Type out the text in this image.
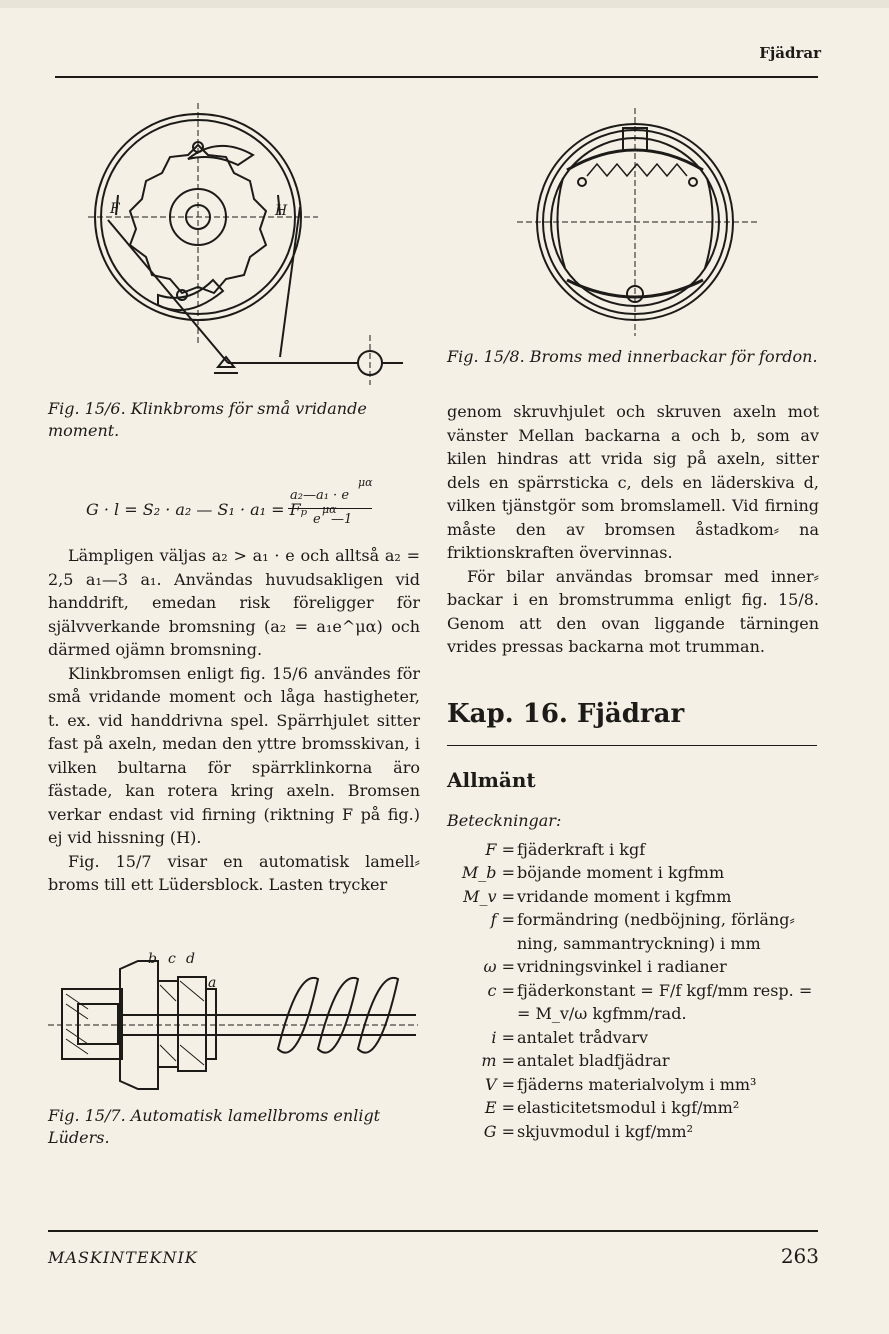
Fjädrar
F	H

Fig. 15/6. Klinkbroms för små vridande moment.

G · l = S₂ · a₂ — S₁ · a₁ = Fₚ
a₂—a₁ · e
μα
e
μα
—1

Lämpligen väljas a₂ > a₁ · e och alltså a₂ = 2,5 a₁—3 a₁. Användas huvudsakligen vid handdrift, emedan risk föreligger för självverkande bromsning (a₂ = a₁e^μα) och därmed ojämn bromsning.

Klinkbromsen enligt fig. 15/6 användes för små vridande moment och låga hastigheter, t. ex. vid handdrivna spel. Spärrhjulet sitter fast på axeln, medan den yttre bromsskivan, i vilken bultarna för spärrklinkorna äro fästade, kan rotera kring axeln. Bromsen verkar endast vid firning (riktning F på fig.) ej vid hissning (H).

Fig. 15/7 visar en automatisk lamell⸗ broms till ett Lüdersblock. Lasten trycker

b c d
a

Fig. 15/7. Automatisk lamellbroms enligt Lüders.

Fig. 15/8. Broms med innerbackar för fordon.

genom skruvhjulet och skruven axeln mot vänster Mellan backarna a och b, som av kilen hindras att vrida sig på axeln, sitter dels en spärrsticka c, dels en läderskiva d, vilken tjänstgör som bromslamell. Vid firning måste den av bromsen åstadkom⸗ na friktionskraften övervinnas.

För bilar användas bromsar med inner⸗ backar i en bromstrumma enligt fig. 15/8. Genom att den ovan liggande tärningen vrides pressas backarna mot trumman.

Kap. 16. Fjädrar
Allmänt

Beteckningar:

F = fjäderkraft i kgf
M_b = böjande moment i kgfmm
M_v = vridande moment i kgfmm
f = formändring (nedböjning, förläng⸗ ning, sammantryckning) i mm
ω = vridningsvinkel i radianer
c = fjäderkonstant = F/f kgf/mm resp. = = M_v/ω kgfmm/rad.
i = antalet trådvarv
m = antalet bladfjädrar
V = fjäderns materialvolym i mm³
E = elasticitetsmodul i kgf/mm²
G = skjuvmodul i kgf/mm²
MASKINTEKNIK	263
